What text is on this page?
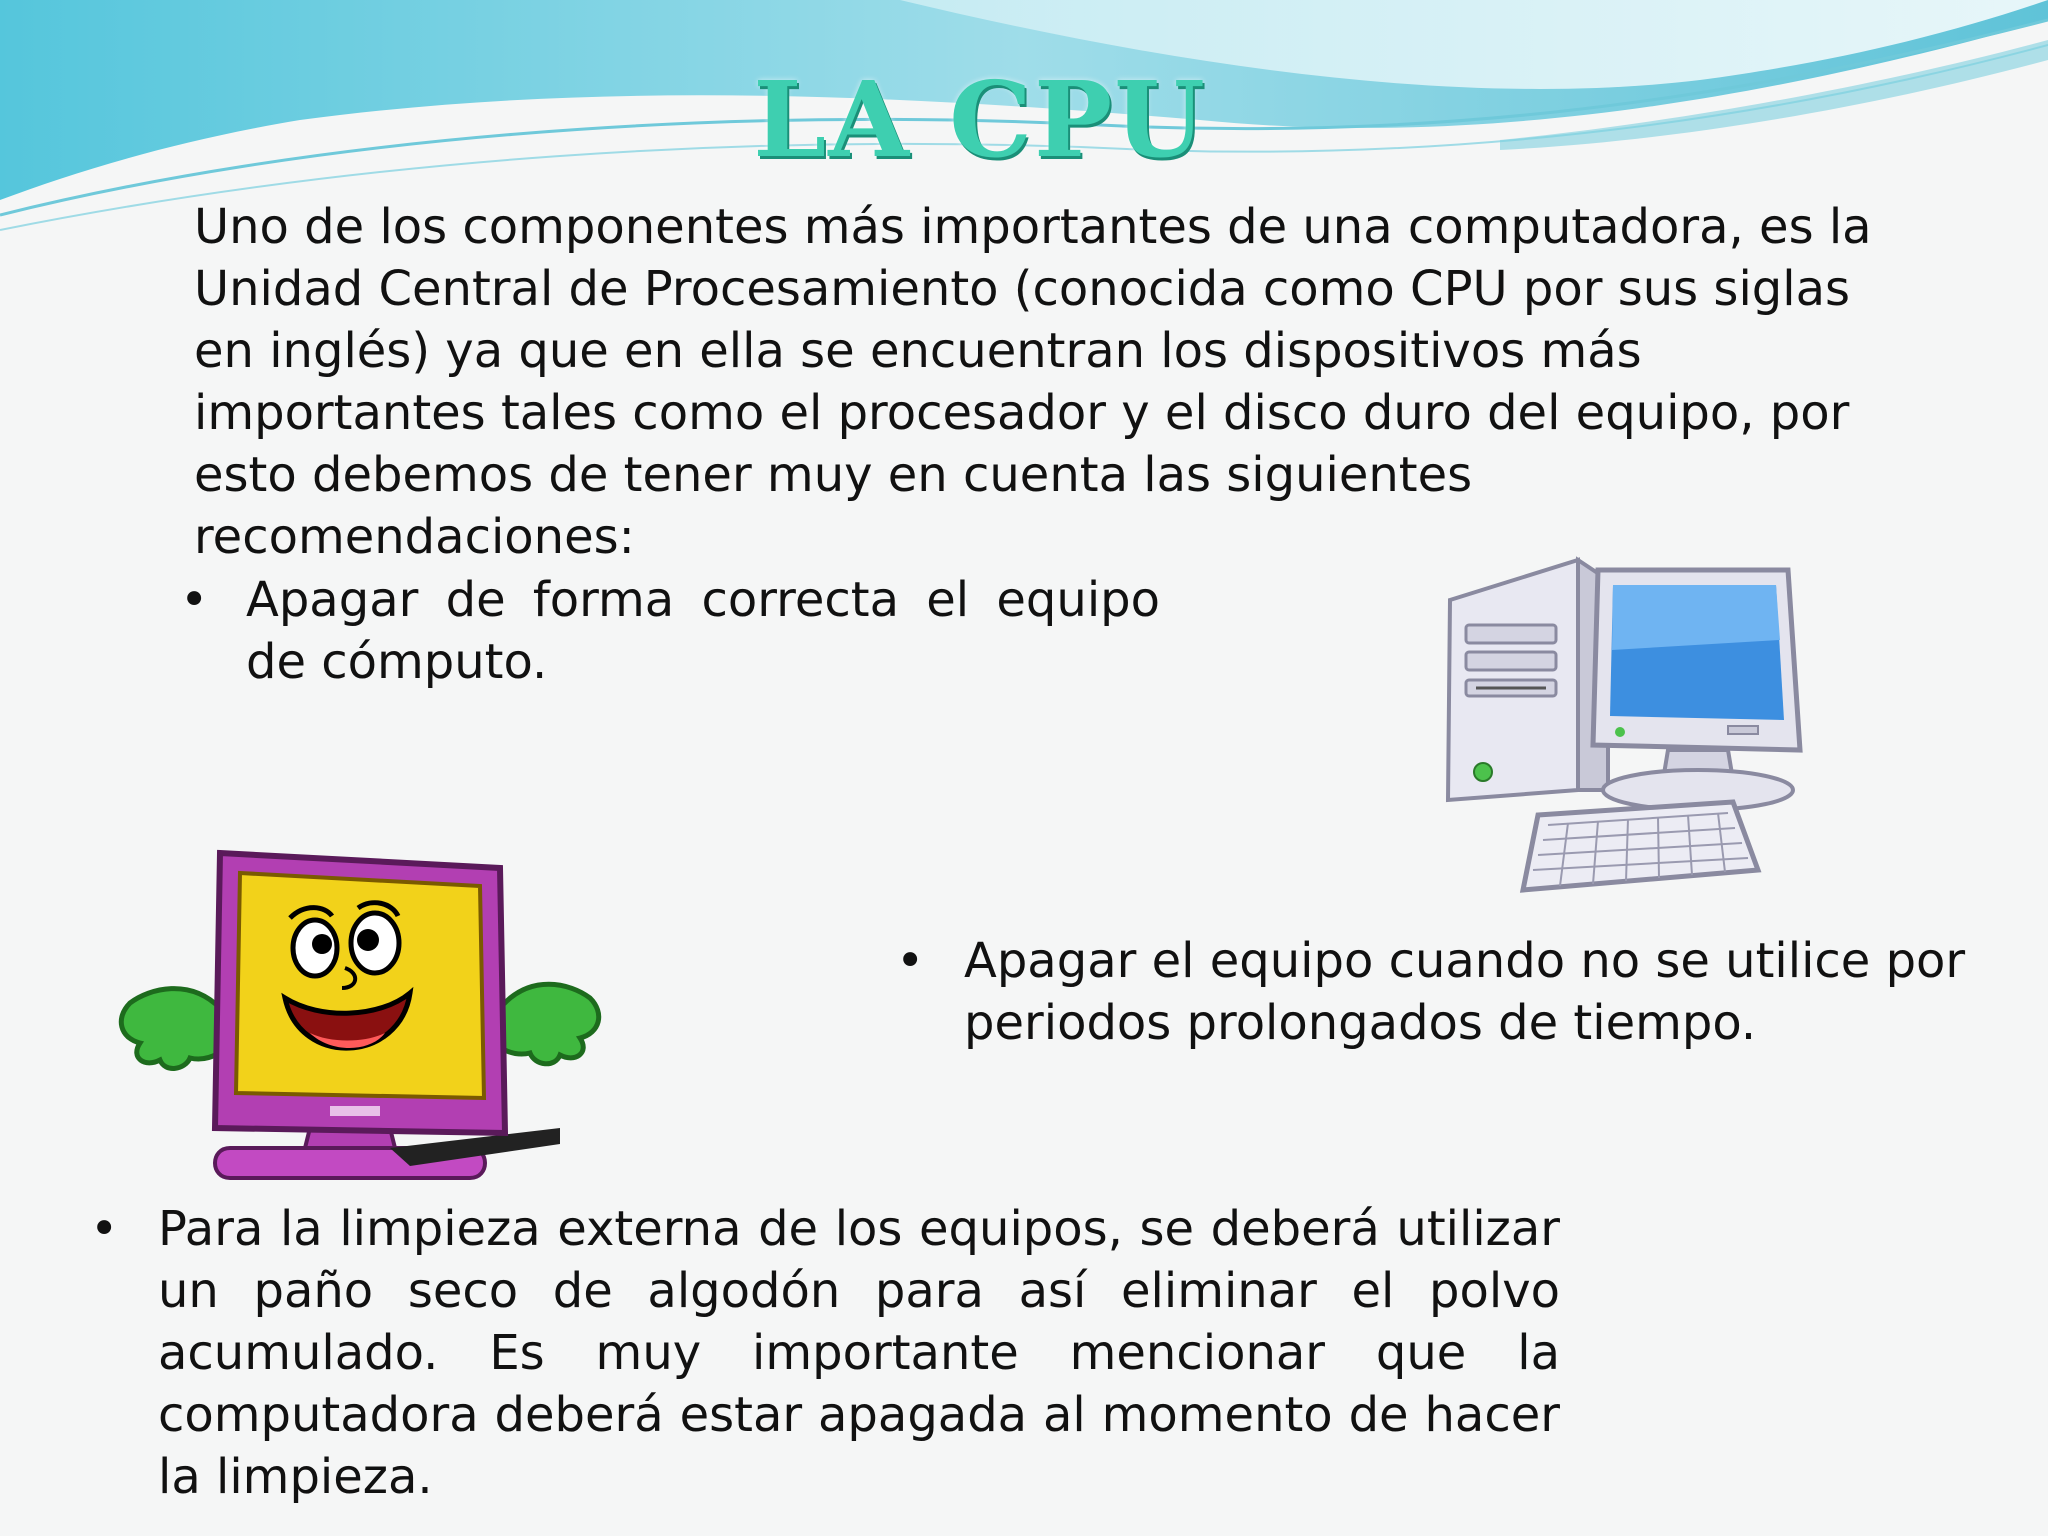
LA CPU

Uno de los componentes más importantes de una computadora, es la Unidad Central de Procesamiento (conocida como CPU por sus siglas en inglés) ya que en ella se encuentran los dispositivos más importantes tales como el procesador y el disco duro del equipo, por esto debemos de tener muy en cuenta las siguientes recomendaciones:

• Apagar de forma correcta el equipo de cómputo.
• Apagar el equipo cuando no se utilice por periodos prolongados de tiempo.
• Para la limpieza externa de los equipos, se deberá utilizar un paño seco de algodón para así eliminar el polvo acumulado. Es muy importante mencionar que la computadora deberá estar apagada al momento de hacer la limpieza.
